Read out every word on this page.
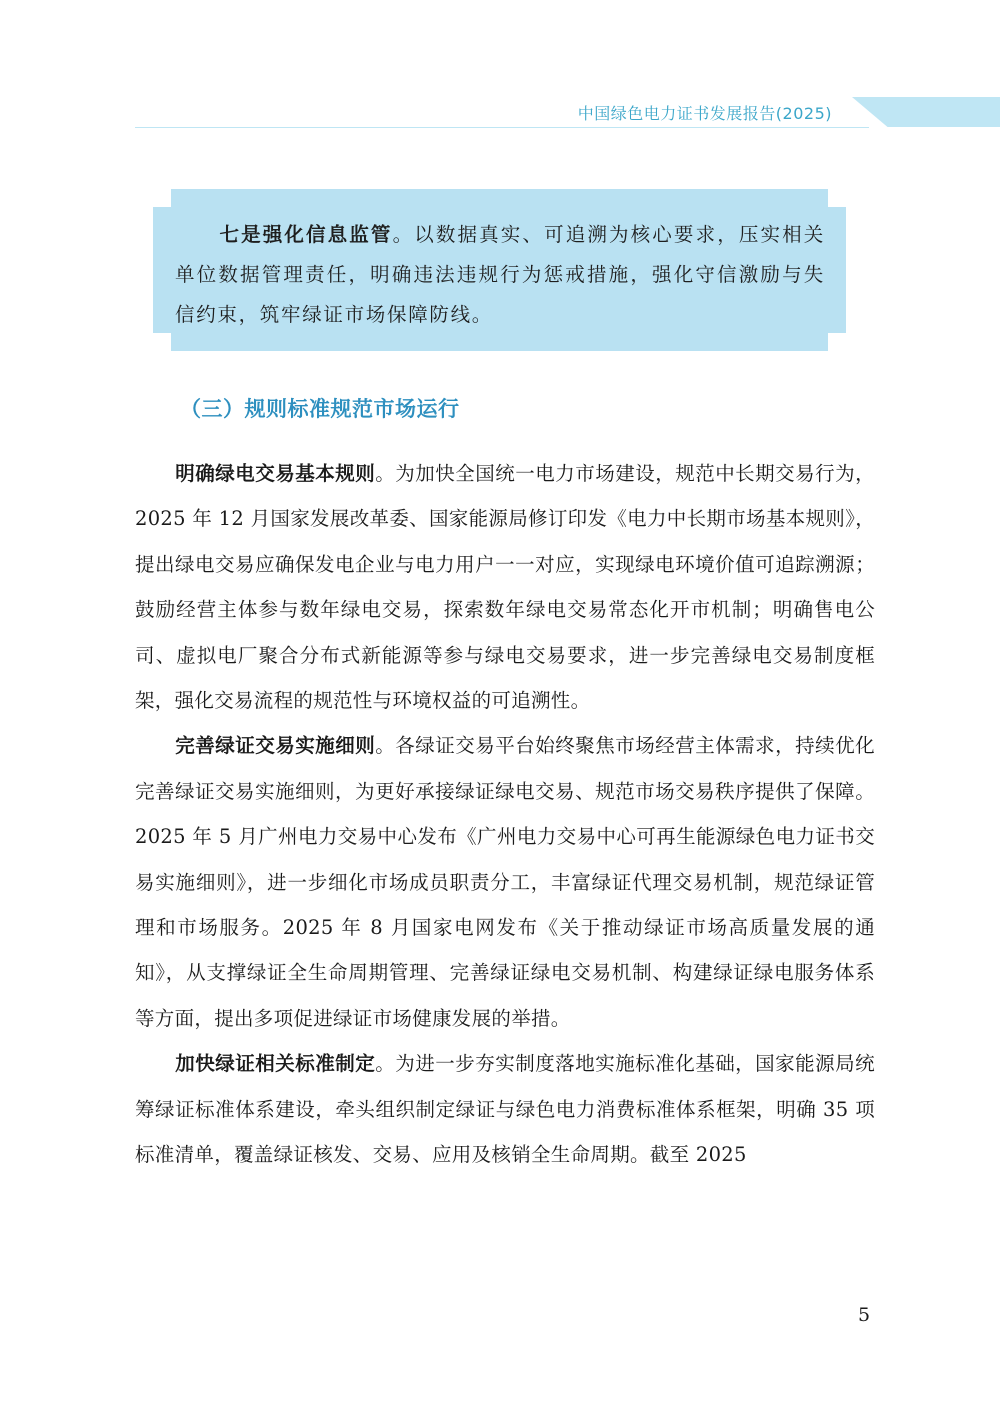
中国绿色电力证书发展报告(2025)

七是强化信息监管。以数据真实、可追溯为核心要求，压实相关单位数据管理责任，明确违法违规行为惩戒措施，强化守信激励与失信约束，筑牢绿证市场保障防线。

（三）规则标准规范市场运行

明确绿电交易基本规则。为加快全国统一电力市场建设，规范中长期交易行为，2025 年 12 月国家发展改革委、国家能源局修订印发《电力中长期市场基本规则》，提出绿电交易应确保发电企业与电力用户一一对应，实现绿电环境价值可追踪溯源；鼓励经营主体参与数年绿电交易，探索数年绿电交易常态化开市机制；明确售电公司、虚拟电厂聚合分布式新能源等参与绿电交易要求，进一步完善绿电交易制度框架，强化交易流程的规范性与环境权益的可追溯性。

完善绿证交易实施细则。各绿证交易平台始终聚焦市场经营主体需求，持续优化完善绿证交易实施细则，为更好承接绿证绿电交易、规范市场交易秩序提供了保障。2025 年 5 月广州电力交易中心发布《广州电力交易中心可再生能源绿色电力证书交易实施细则》，进一步细化市场成员职责分工，丰富绿证代理交易机制，规范绿证管理和市场服务。2025 年 8 月国家电网发布《关于推动绿证市场高质量发展的通知》，从支撑绿证全生命周期管理、完善绿证绿电交易机制、构建绿证绿电服务体系等方面，提出多项促进绿证市场健康发展的举措。

加快绿证相关标准制定。为进一步夯实制度落地实施标准化基础，国家能源局统筹绿证标准体系建设，牵头组织制定绿证与绿色电力消费标准体系框架，明确 35 项标准清单，覆盖绿证核发、交易、应用及核销全生命周期。截至 2025

5
